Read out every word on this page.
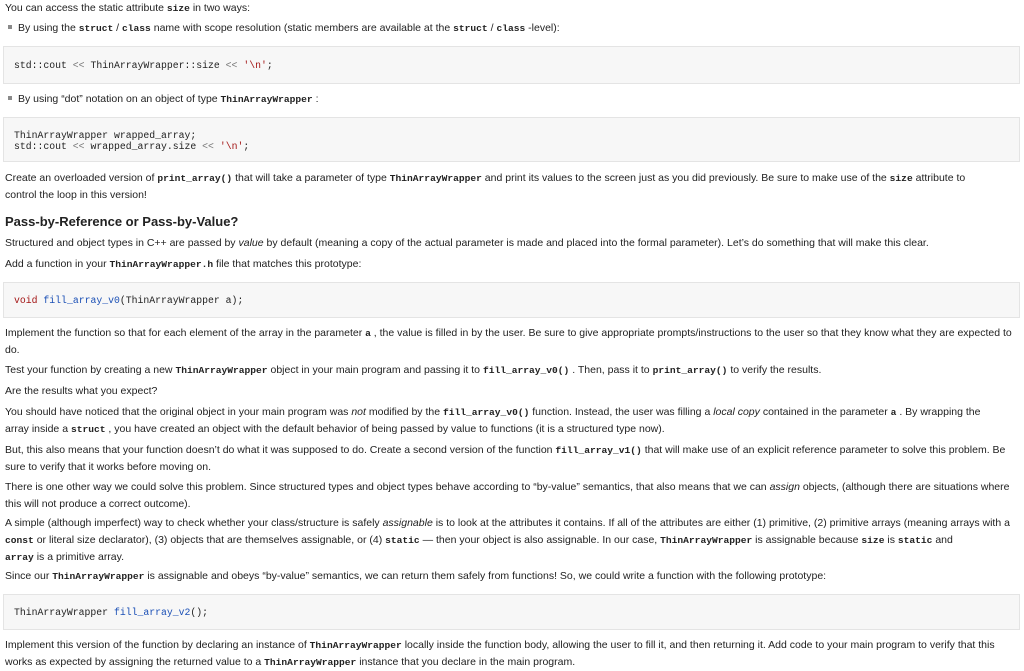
You can access the static attribute size in two ways:

By using the struct / class name with scope resolution (static members are available at the struct / class -level):

std::cout << ThinArrayWrapper::size << '\n';

By using “dot” notation on an object of type ThinArrayWrapper :

ThinArrayWrapper wrapped_array;
std::cout << wrapped_array.size << '\n';

Create an overloaded version of print_array() that will take a parameter of type ThinArrayWrapper and print its values to the screen just as you did previously. Be sure to make use of the size attribute to
control the loop in this version!

Pass-by-Reference or Pass-by-Value?

Structured and object types in C++ are passed by value by default (meaning a copy of the actual parameter is made and placed into the formal parameter). Let’s do something that will make this clear.

Add a function in your ThinArrayWrapper.h file that matches this prototype:

void fill_array_v0(ThinArrayWrapper a);

Implement the function so that for each element of the array in the parameter a , the value is filled in by the user. Be sure to give appropriate prompts/instructions to the user so that they know what they are expected to
do.

Test your function by creating a new ThinArrayWrapper object in your main program and passing it to fill_array_v0() . Then, pass it to print_array() to verify the results.

Are the results what you expect?

You should have noticed that the original object in your main program was not modified by the fill_array_v0() function. Instead, the user was filling a local copy contained in the parameter a . By wrapping the
array inside a struct , you have created an object with the default behavior of being passed by value to functions (it is a structured type now).

But, this also means that your function doesn’t do what it was supposed to do. Create a second version of the function fill_array_v1() that will make use of an explicit reference parameter to solve this problem. Be
sure to verify that it works before moving on.

There is one other way we could solve this problem. Since structured types and object types behave according to “by-value” semantics, that also means that we can assign objects, (although there are situations where
this will not produce a correct outcome).

A simple (although imperfect) way to check whether your class/structure is safely assignable is to look at the attributes it contains. If all of the attributes are either (1) primitive, (2) primitive arrays (meaning arrays with a
const or literal size declarator), (3) objects that are themselves assignable, or (4) static — then your object is also assignable. In our case, ThinArrayWrapper is assignable because size is static and
array is a primitive array.

Since our ThinArrayWrapper is assignable and obeys “by-value” semantics, we can return them safely from functions! So, we could write a function with the following prototype:

ThinArrayWrapper fill_array_v2();

Implement this version of the function by declaring an instance of ThinArrayWrapper locally inside the function body, allowing the user to fill it, and then returning it. Add code to your main program to verify that this
works as expected by assigning the returned value to a ThinArrayWrapper instance that you declare in the main program.
